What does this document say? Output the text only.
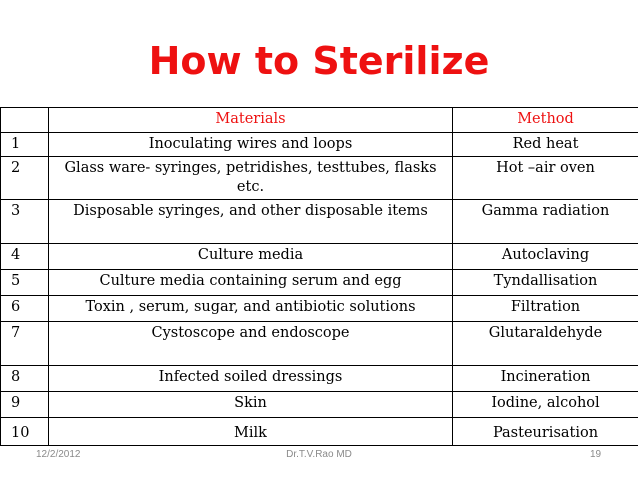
How to Sterilize
	Materials	Method
1	Inoculating wires and loops	Red heat
2	Glass ware- syringes, petridishes, testtubes, flasks etc.	Hot –air oven
3	Disposable syringes, and other disposable items	Gamma radiation
4	Culture media	Autoclaving
5	Culture media containing serum and egg	Tyndallisation
6	Toxin , serum, sugar, and antibiotic solutions	Filtration
7	Cystoscope and endoscope	Glutaraldehyde
8	Infected soiled dressings	Incineration
9	Skin	Iodine, alcohol
10	Milk	Pasteurisation
12/2/2012	Dr.T.V.Rao MD	19
